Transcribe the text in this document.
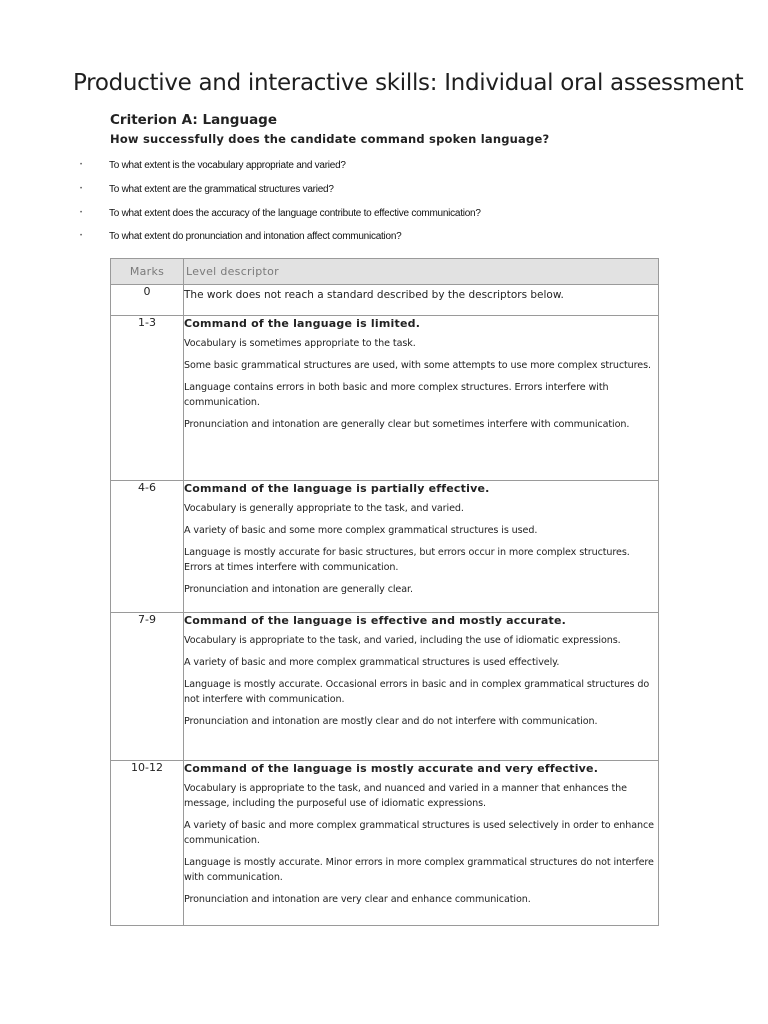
Productive and interactive skills: Individual oral assessment
Criterion A: Language

How successfully does the candidate command spoken language?

•	To what extent is the vocabulary appropriate and varied?
•	To what extent are the grammatical structures varied?
•	To what extent does the accuracy of the language contribute to effective communication?
•	To what extent do pronunciation and intonation affect communication?
Marks	Level descriptor
0	The work does not reach a standard described by the descriptors below.
1-3	Command of the language is limited.
Vocabulary is sometimes appropriate to the task.
Some basic grammatical structures are used, with some attempts to use more complex structures.
Language contains errors in both basic and more complex structures. Errors interfere with communication.
Pronunciation and intonation are generally clear but sometimes interfere with communication.

4-6	Command of the language is partially effective.
Vocabulary is generally appropriate to the task, and varied.
A variety of basic and some more complex grammatical structures is used.
Language is mostly accurate for basic structures, but errors occur in more complex structures. Errors at times interfere with communication.
Pronunciation and intonation are generally clear.

7-9	Command of the language is effective and mostly accurate.
Vocabulary is appropriate to the task, and varied, including the use of idiomatic expressions.
A variety of basic and more complex grammatical structures is used effectively.
Language is mostly accurate. Occasional errors in basic and in complex grammatical structures do not interfere with communication.
Pronunciation and intonation are mostly clear and do not interfere with communication.

10-12	Command of the language is mostly accurate and very effective.
Vocabulary is appropriate to the task, and nuanced and varied in a manner that enhances the message, including the purposeful use of idiomatic expressions.
A variety of basic and more complex grammatical structures is used selectively in order to enhance communication.
Language is mostly accurate. Minor errors in more complex grammatical structures do not interfere with communication.
Pronunciation and intonation are very clear and enhance communication.
